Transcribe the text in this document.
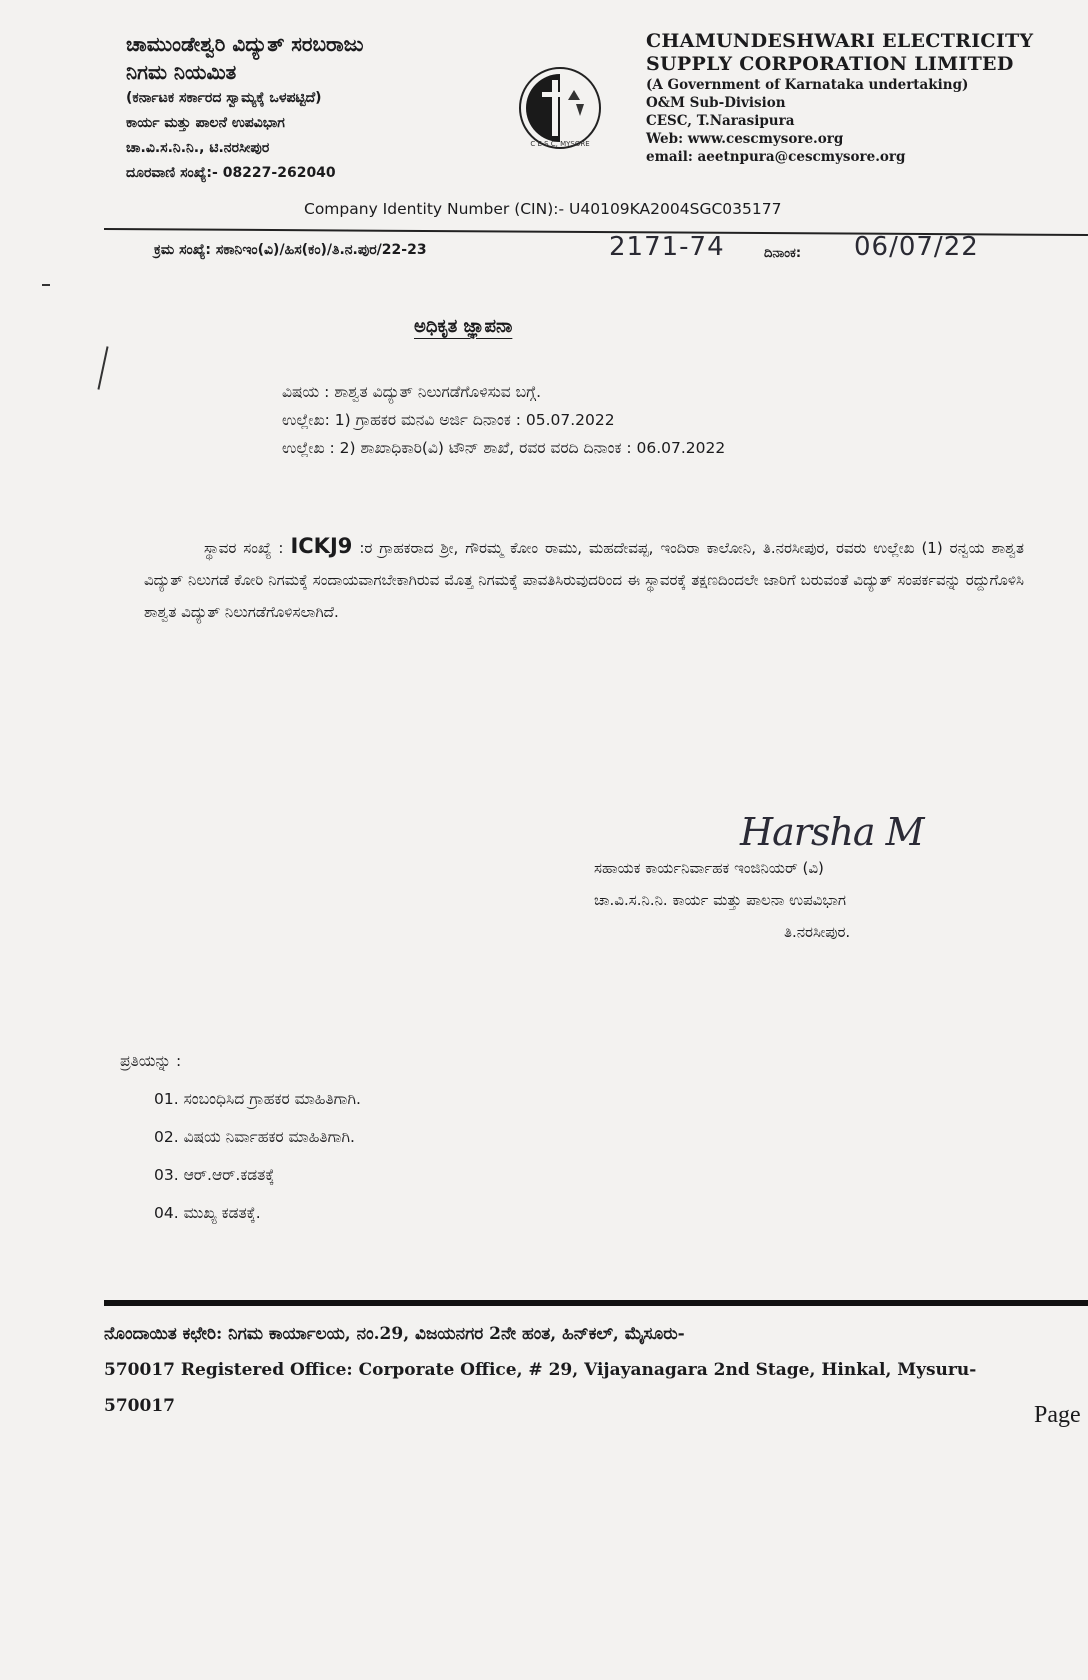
ಚಾಮುಂಡೇಶ್ವರಿ ವಿದ್ಯುತ್ ಸರಬರಾಜು
ನಿಗಮ ನಿಯಮಿತ
(ಕರ್ನಾಟಕ ಸರ್ಕಾರದ ಸ್ವಾಮ್ಯಕ್ಕೆ ಒಳಪಟ್ಟಿದೆ)
ಕಾರ್ಯ ಮತ್ತು ಪಾಲನೆ ಉಪವಿಭಾಗ
ಚಾ.ವಿ.ಸ.ನಿ.ನಿ., ಟಿ.ನರಸೀಪುರ
ದೂರವಾಣಿ ಸಂಖ್ಯೆ:- 08227-262040
C E S C, MYSORE
CHAMUNDESHWARI ELECTRICITY
SUPPLY CORPORATION LIMITED
(A Government of Karnataka undertaking)
O&M Sub-Division
CESC, T.Narasipura
Web: www.cescmysore.org
email: aeetnpura@cescmysore.org
Company Identity Number (CIN):- U40109KA2004SGC035177
ಕ್ರಮ ಸಂಖ್ಯೆ: ಸಕಾನಿಇಂ(ವಿ)/ಹಿಸ(ಕಂ)/ತಿ.ನ.ಪುರ/22-23	2171-74	ದಿನಾಂಕ: 06/07/22
ಅಧಿಕೃತ ಜ್ಞಾಪನಾ
ವಿಷಯ : ಶಾಶ್ವತ ವಿದ್ಯುತ್ ನಿಲುಗಡೆಗೊಳಿಸುವ ಬಗ್ಗೆ.
ಉಲ್ಲೇಖ: 1) ಗ್ರಾಹಕರ ಮನವಿ ಅರ್ಜಿ ದಿನಾಂಕ : 05.07.2022
ಉಲ್ಲೇಖ : 2) ಶಾಖಾಧಿಕಾರಿ(ವಿ) ಟೌನ್ ಶಾಖೆ, ರವರ ವರದಿ ದಿನಾಂಕ : 06.07.2022
ಸ್ಥಾವರ ಸಂಖ್ಯೆ : ICKJ9 :ರ ಗ್ರಾಹಕರಾದ ಶ್ರೀ, ಗೌರಮ್ಮ ಕೋಂ ರಾಮು, ಮಹದೇವಪ್ಪ, ಇಂದಿರಾ ಕಾಲೋನಿ, ತಿ.ನರಸೀಪುರ, ರವರು ಉಲ್ಲೇಖ (1) ರನ್ವಯ ಶಾಶ್ವತ ವಿದ್ಯುತ್ ನಿಲುಗಡೆ ಕೋರಿ ನಿಗಮಕ್ಕೆ ಸಂದಾಯವಾಗಬೇಕಾಗಿರುವ ಮೊತ್ತ ನಿಗಮಕ್ಕೆ ಪಾವತಿಸಿರುವುದರಿಂದ ಈ ಸ್ಥಾವರಕ್ಕೆ ತಕ್ಷಣದಿಂದಲೇ ಜಾರಿಗೆ ಬರುವಂತೆ ವಿದ್ಯುತ್ ಸಂಪರ್ಕವನ್ನು ರದ್ದುಗೊಳಿಸಿ ಶಾಶ್ವತ ವಿದ್ಯುತ್ ನಿಲುಗಡೆಗೊಳಿಸಲಾಗಿದೆ.
Harsha M
ಸಹಾಯಕ ಕಾರ್ಯನಿರ್ವಾಹಕ ಇಂಜಿನಿಯರ್ (ವಿ)
ಚಾ.ವಿ.ಸ.ನಿ.ನಿ. ಕಾರ್ಯ ಮತ್ತು ಪಾಲನಾ ಉಪವಿಭಾಗ
ತಿ.ನರಸೀಪುರ.
ಪ್ರತಿಯನ್ನು :
01. ಸಂಬಂಧಿಸಿದ ಗ್ರಾಹಕರ ಮಾಹಿತಿಗಾಗಿ.
02. ವಿಷಯ ನಿರ್ವಾಹಕರ ಮಾಹಿತಿಗಾಗಿ.
03. ಆರ್.ಆರ್.ಕಡತಕ್ಕೆ
04. ಮುಖ್ಯ ಕಡತಕ್ಕೆ.
ನೊಂದಾಯಿತ ಕಛೇರಿ: ನಿಗಮ ಕಾರ್ಯಾಲಯ, ನಂ.29, ವಿಜಯನಗರ 2ನೇ ಹಂತ, ಹಿನ್‌ಕಲ್, ಮೈಸೂರು-
570017 Registered Office: Corporate Office, # 29, Vijayanagara 2nd Stage, Hinkal, Mysuru-
570017	Page
